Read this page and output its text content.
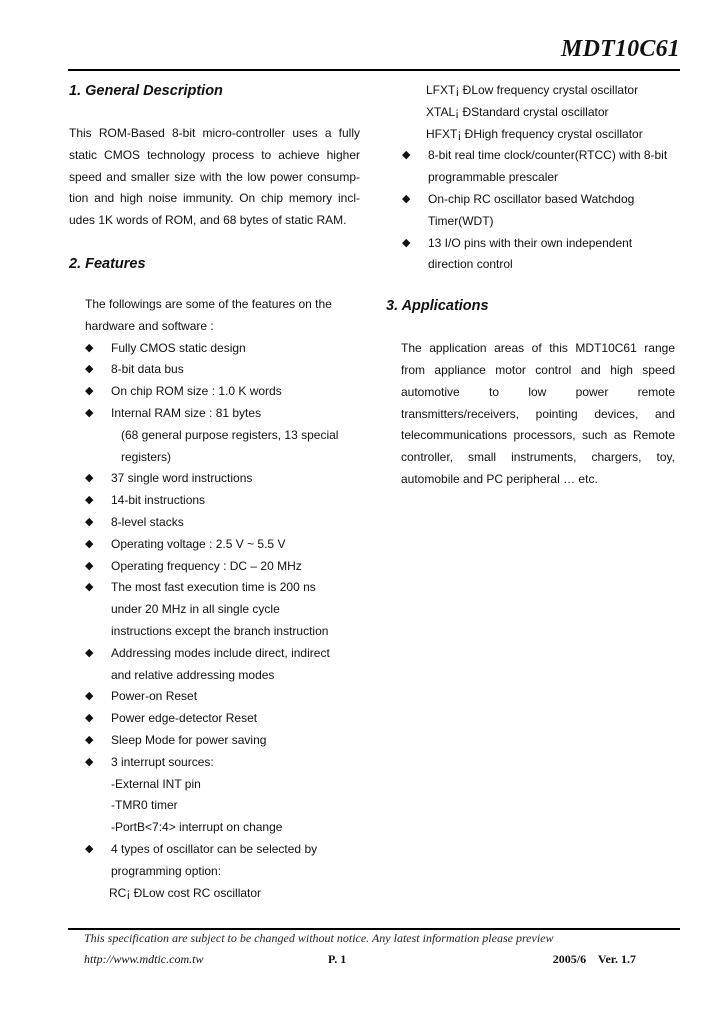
MDT10C61
1. General Description

This ROM-Based 8-bit micro-controller uses a fully static CMOS technology process to achieve higher speed and smaller size with the low power consump-tion and high noise immunity. On chip memory incl-udes 1K words of ROM, and 68 bytes of static RAM.

2. Features

The followings are some of the features on the hardware and software :

◆ Fully CMOS static design
◆ 8-bit data bus
◆ On chip ROM size : 1.0 K words
◆ Internal RAM size : 81 bytes
(68 general purpose registers, 13 special registers)
◆ 37 single word instructions
◆ 14-bit instructions
◆ 8-level stacks
◆ Operating voltage : 2.5 V ~ 5.5 V
◆ Operating frequency : DC – 20 MHz
◆ The most fast execution time is 200 ns under 20 MHz in all single cycle instructions except the branch instruction
◆ Addressing modes include direct, indirect and relative addressing modes
◆ Power-on Reset
◆ Power edge-detector Reset
◆ Sleep Mode for power saving
◆ 3 interrupt sources:
-External INT pin
-TMR0 timer
-PortB<7:4> interrupt on change
◆ 4 types of oscillator can be selected by programming option:
RC¡ ÐLow cost RC oscillator
LFXT¡ ÐLow frequency crystal oscillator
XTAL¡ ÐStandard crystal oscillator
HFXT¡ ÐHigh frequency crystal oscillator
◆ 8-bit real time clock/counter(RTCC) with 8-bit programmable prescaler
◆ On-chip RC oscillator based Watchdog Timer(WDT)
◆ 13 I/O pins with their own independent direction control
3. Applications

The application areas of this MDT10C61 range from appliance motor control and high speed automotive to low power remote transmitters/receivers, pointing devices, and telecommunications processors, such as Remote controller, small instruments, chargers, toy, automobile and PC peripheral … etc.

This specification are subject to be changed without notice. Any latest information please preview
http://www.mdtic.com.tw	P. 1	2005/6    Ver. 1.7
